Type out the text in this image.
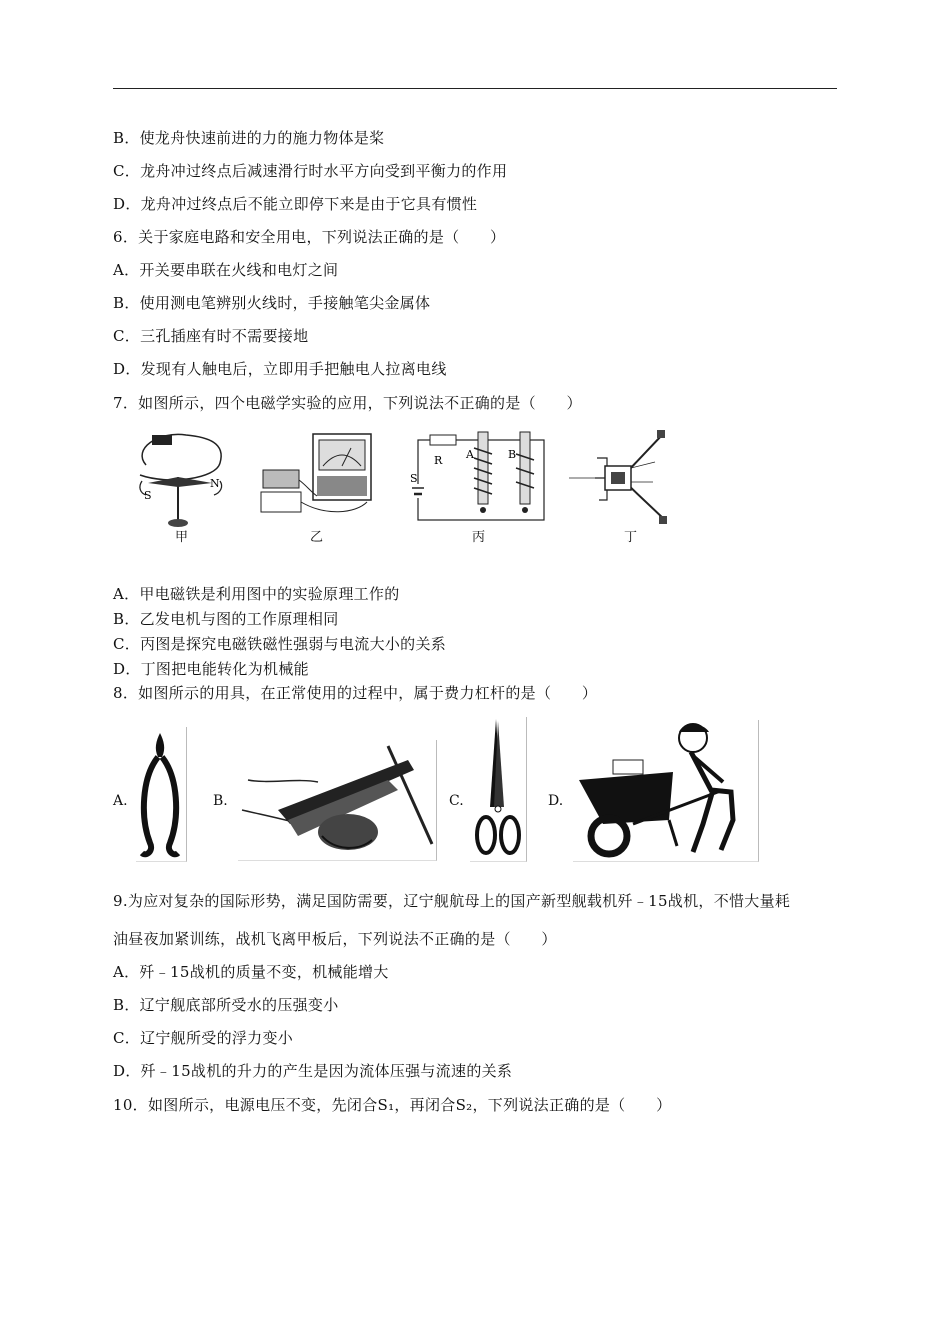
B．使龙舟快速前进的力的施力物体是桨
C．龙舟冲过终点后减速滑行时水平方向受到平衡力的作用
D．龙舟冲过终点后不能立即停下来是由于它具有惯性
6．关于家庭电路和安全用电，下列说法正确的是（　　）
A．开关要串联在火线和电灯之间
B．使用测电笔辨别火线时，手接触笔尖金属体
C．三孔插座有时不需要接地
D．发现有人触电后，立即用手把触电人拉离电线
7．如图所示，四个电磁学实验的应用，下列说法不正确的是（　　）
S
N
甲	乙
R A	B
S
丙	丁
A．甲电磁铁是利用图中的实验原理工作的
B．乙发电机与图的工作原理相同
C．丙图是探究电磁铁磁性强弱与电流大小的关系
D．丁图把电能转化为机械能
8．如图所示的用具，在正常使用的过程中，属于费力杠杆的是（　　）
A.	B.	C.	D.
9.为应对复杂的国际形势，满足国防需要，辽宁舰航母上的国产新型舰载机歼﹣15战机，不惜大量耗
油昼夜加紧训练，战机飞离甲板后，下列说法不正确的是（　　）
A．歼﹣15战机的质量不变，机械能增大
B．辽宁舰底部所受水的压强变小
C．辽宁舰所受的浮力变小
D．歼﹣15战机的升力的产生是因为流体压强与流速的关系
10．如图所示，电源电压不变，先闭合S₁，再闭合S₂，下列说法正确的是（　　）
